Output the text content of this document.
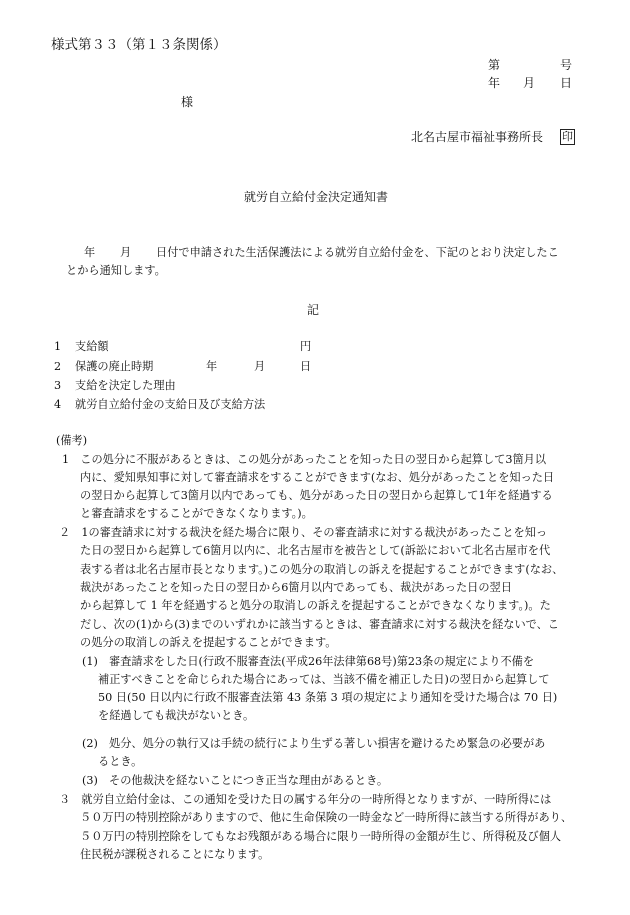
様式第３３（第１３条関係）
第	号
年 月 日
様
北名古屋市福祉事務所長 印
就労自立給付金決定通知書
年 月 日付で申請された生活保護法による就労自立給付金を、下記のとおり決定したこ
とから通知します。
記
1 支給額	円
2 保護の廃止時期	年	月	日
3 支給を決定した理由
4 就労自立給付金の支給日及び支給方法
(備考)
1　この処分に不服があるときは、この処分があったことを知った日の翌日から起算して3箇月以
内に、愛知県知事に対して審査請求をすることができます(なお、処分があったことを知った日
の翌日から起算して3箇月以内であっても、処分があった日の翌日から起算して1年を経過する
と審査請求をすることができなくなります。)。
２　1の審査請求に対する裁決を経た場合に限り、その審査請求に対する裁決があったことを知っ
た日の翌日から起算して6箇月以内に、北名古屋市を被告として(訴訟において北名古屋市を代
表する者は北名古屋市長となります。)この処分の取消しの訴えを提起することができます(なお、
裁決があったことを知った日の翌日から6箇月以内であっても、裁決があった日の翌日
から起算して 1 年を経過すると処分の取消しの訴えを提起することができなくなります。)。た
だし、次の(1)から(3)までのいずれかに該当するときは、審査請求に対する裁決を経ないで、こ
の処分の取消しの訴えを提起することができます。
(1)　審査請求をした日(行政不服審査法(平成26年法律第68号)第23条の規定により不備を
補正すべきことを命じられた場合にあっては、当該不備を補正した日)の翌日から起算して
50 日(50 日以内に行政不服審査法第 43 条第 3 項の規定により通知を受けた場合は 70 日)
を経過しても裁決がないとき。
(2)　処分、処分の執行又は手続の続行により生ずる著しい損害を避けるため緊急の必要があ
るとき。
(3)　その他裁決を経ないことにつき正当な理由があるとき。
３　就労自立給付金は、この通知を受けた日の属する年分の一時所得となりますが、一時所得には
５０万円の特別控除がありますので、他に生命保険の一時金など一時所得に該当する所得があり、
５０万円の特別控除をしてもなお残額がある場合に限り一時所得の金額が生じ、所得税及び個人
住民税が課税されることになります。
